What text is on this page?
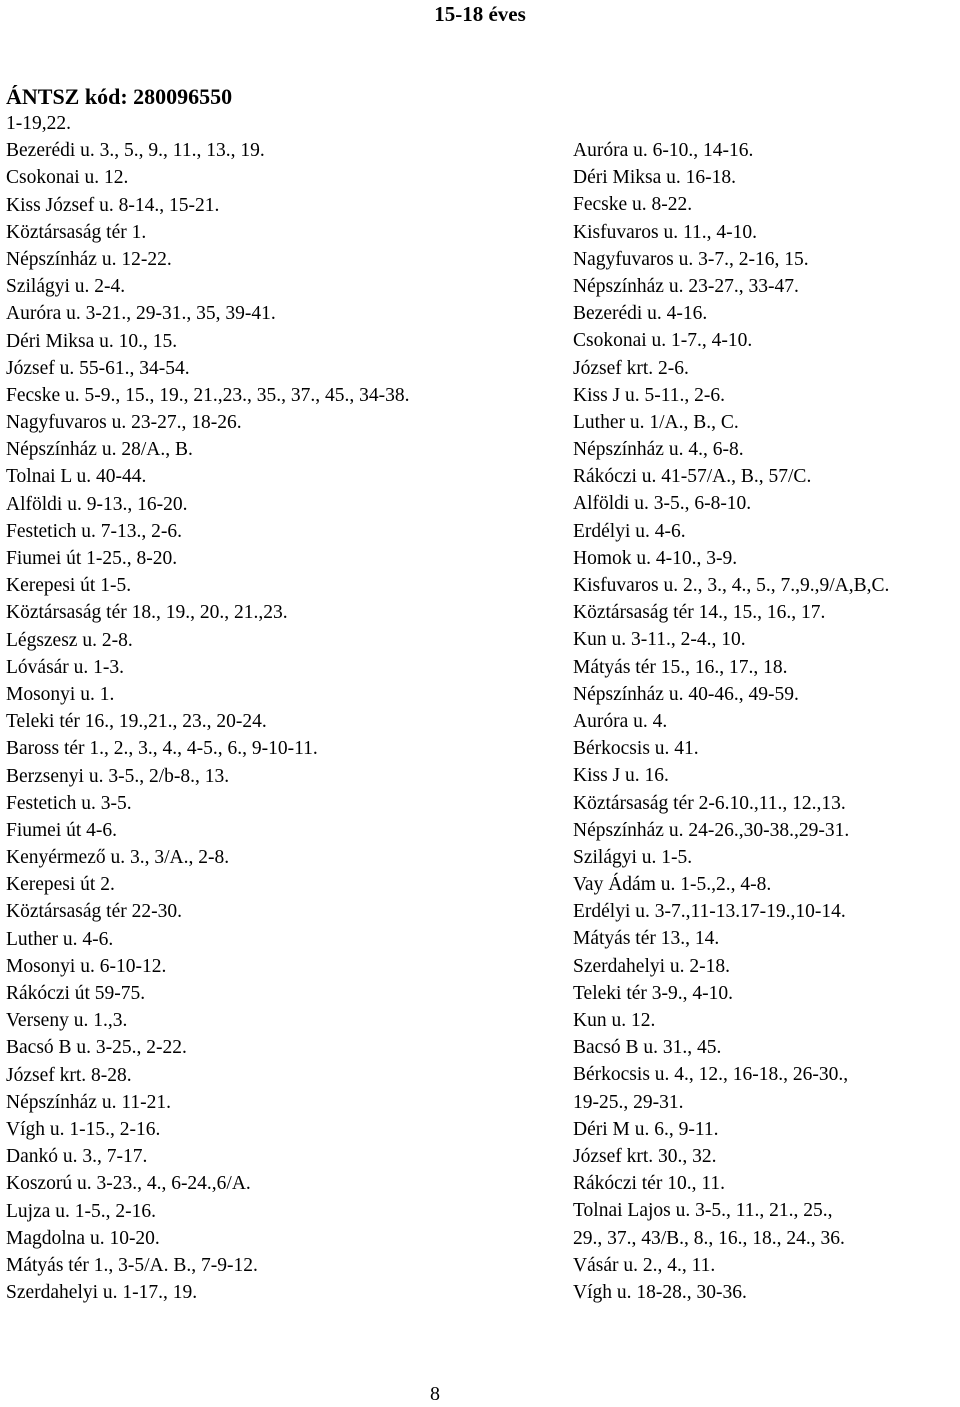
15-18 éves
ÁNTSZ kód: 280096550
1-19,22.
Bezerédi u. 3., 5., 9., 11., 13., 19.
Csokonai u. 12.
Kiss József u. 8-14., 15-21.
Köztársaság tér 1.
Népszínház u. 12-22.
Szilágyi u. 2-4.
Auróra u. 3-21., 29-31., 35, 39-41.
Déri Miksa u. 10., 15.
József u. 55-61., 34-54.
Fecske u. 5-9., 15., 19., 21.,23., 35., 37., 45., 34-38.
Nagyfuvaros u. 23-27., 18-26.
Népszínház u. 28/A., B.
Tolnai L u. 40-44.
Alföldi u. 9-13., 16-20.
Festetich u. 7-13., 2-6.
Fiumei út 1-25., 8-20.
Kerepesi út 1-5.
Köztársaság tér 18., 19., 20., 21.,23.
Légszesz u. 2-8.
Lóvásár u. 1-3.
Mosonyi u. 1.
Teleki tér 16., 19.,21., 23., 20-24.
Baross tér 1., 2., 3., 4., 4-5., 6., 9-10-11.
Berzsenyi u. 3-5., 2/b-8., 13.
Festetich u. 3-5.
Fiumei út 4-6.
Kenyérmező u. 3., 3/A., 2-8.
Kerepesi út 2.
Köztársaság tér 22-30.
Luther u. 4-6.
Mosonyi u. 6-10-12.
Rákóczi út 59-75.
Verseny u. 1.,3.
Bacsó B u. 3-25., 2-22.
József krt. 8-28.
Népszínház u. 11-21.
Vígh u. 1-15., 2-16.
Dankó u. 3., 7-17.
Koszorú u. 3-23., 4., 6-24.,6/A.
Lujza u. 1-5., 2-16.
Magdolna u. 10-20.
Mátyás tér 1., 3-5/A. B., 7-9-12.
Szerdahelyi u. 1-17., 19.
Auróra u. 6-10., 14-16.
Déri Miksa u. 16-18.
Fecske u. 8-22.
Kisfuvaros u. 11., 4-10.
Nagyfuvaros u. 3-7., 2-16, 15.
Népszínház u. 23-27., 33-47.
Bezerédi u. 4-16.
Csokonai u. 1-7., 4-10.
József krt. 2-6.
Kiss J u. 5-11., 2-6.
Luther u. 1/A., B., C.
Népszínház u. 4., 6-8.
Rákóczi u. 41-57/A., B., 57/C.
Alföldi u. 3-5., 6-8-10.
Erdélyi u. 4-6.
Homok u. 4-10., 3-9.
Kisfuvaros u. 2., 3., 4., 5., 7.,9.,9/A,B,C.
Köztársaság tér 14., 15., 16., 17.
Kun u. 3-11., 2-4., 10.
Mátyás tér 15., 16., 17., 18.
Népszínház u. 40-46., 49-59.
Auróra u. 4.
Bérkocsis u. 41.
Kiss J u. 16.
Köztársaság tér 2-6.10.,11., 12.,13.
Népszínház u. 24-26.,30-38.,29-31.
Szilágyi u. 1-5.
Vay Ádám u. 1-5.,2., 4-8.
Erdélyi u. 3-7.,11-13.17-19.,10-14.
Mátyás tér 13., 14.
Szerdahelyi u. 2-18.
Teleki tér 3-9., 4-10.
Kun u. 12.
Bacsó B u. 31., 45.
Bérkocsis u. 4., 12., 16-18., 26-30.,
19-25., 29-31.
Déri M u. 6., 9-11.
József krt. 30., 32.
Rákóczi tér 10., 11.
Tolnai Lajos u. 3-5., 11., 21., 25.,
29., 37., 43/B., 8., 16., 18., 24., 36.
Vásár u. 2., 4., 11.
Vígh u. 18-28., 30-36.
8
